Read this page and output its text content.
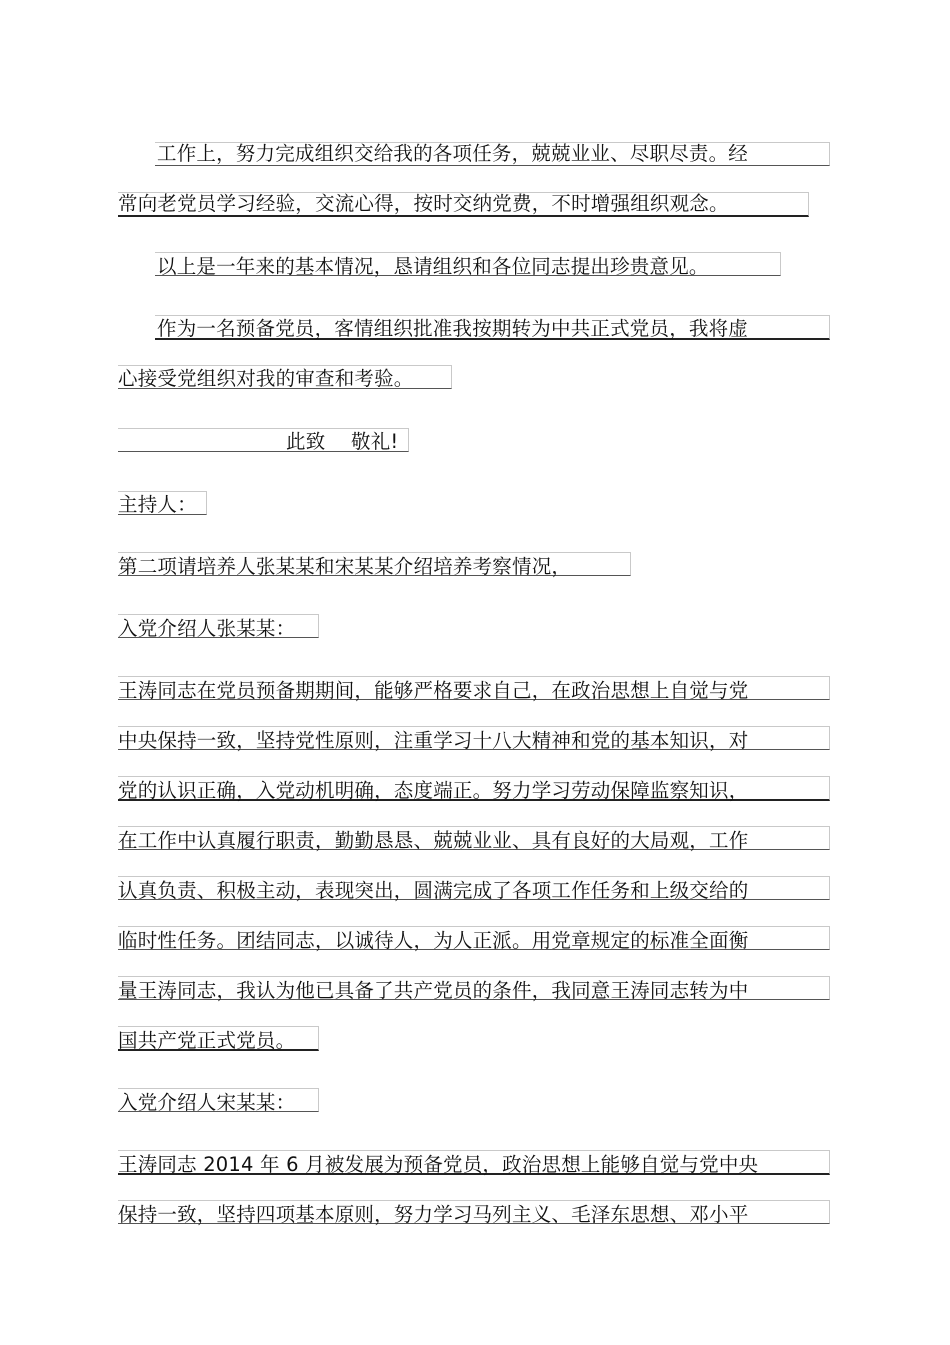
工作上，努力完成组织交给我的各项任务，兢兢业业、尽职尽责。经
常向老党员学习经验，交流心得，按时交纳党费，不时增强组织观念。
以上是一年来的基本情况，恳请组织和各位同志提出珍贵意见。
作为一名预备党员，客情组织批准我按期转为中共正式党员，我将虚
心接受党组织对我的审查和考验。
此致    敬礼!
主持人：
第二项请培养人张某某和宋某某介绍培养考察情况，
入党介绍人张某某：
王涛同志在党员预备期期间，能够严格要求自己，在政治思想上自觉与党
中央保持一致，坚持党性原则，注重学习十八大精神和党的基本知识，对
党的认识正确，入党动机明确，态度端正。努力学习劳动保障监察知识，
在工作中认真履行职责，勤勤恳恳、兢兢业业、具有良好的大局观，工作
认真负责、积极主动，表现突出，圆满完成了各项工作任务和上级交给的
临时性任务。团结同志，以诚待人，为人正派。用党章规定的标准全面衡
量王涛同志，我认为他已具备了共产党员的条件，我同意王涛同志转为中
国共产党正式党员。
入党介绍人宋某某：
王涛同志 2014 年 6 月被发展为预备党员，政治思想上能够自觉与党中央
保持一致，坚持四项基本原则，努力学习马列主义、毛泽东思想、邓小平
